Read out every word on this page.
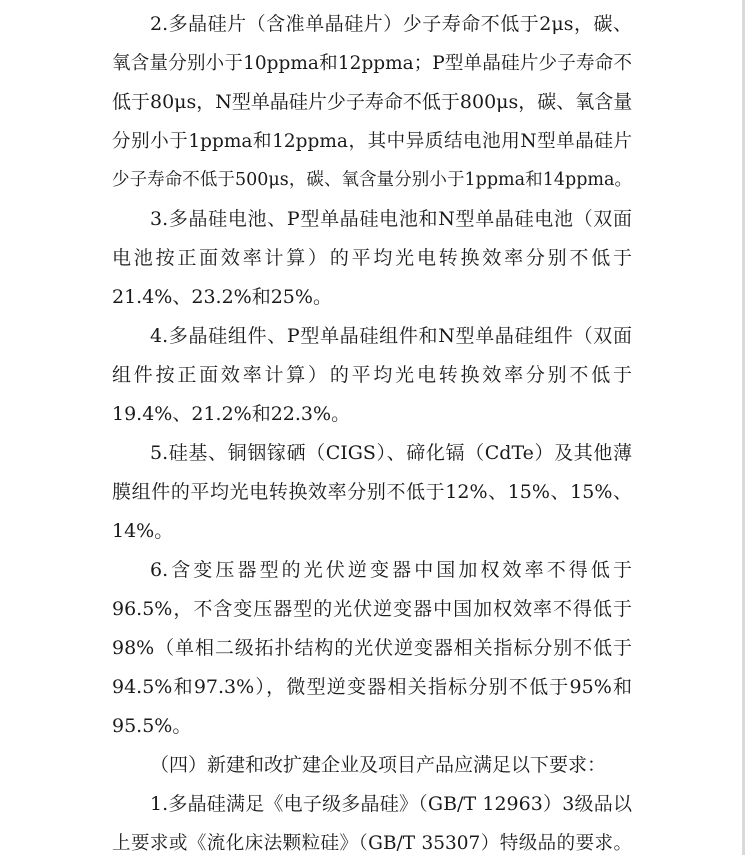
2.多晶硅片（含准单晶硅片）少子寿命不低于2μs，碳、
氧含量分别小于10ppma和12ppma；P型单晶硅片少子寿命不
低于80μs，N型单晶硅片少子寿命不低于800μs，碳、氧含量
分别小于1ppma和12ppma，其中异质结电池用N型单晶硅片
少子寿命不低于500μs，碳、氧含量分别小于1ppma和14ppma。
3.多晶硅电池、P型单晶硅电池和N型单晶硅电池（双面
电池按正面效率计算）的平均光电转换效率分别不低于
21.4%、23.2%和25%。
4.多晶硅组件、P型单晶硅组件和N型单晶硅组件（双面
组件按正面效率计算）的平均光电转换效率分别不低于
19.4%、21.2%和22.3%。
5.硅基、铜铟镓硒（CIGS）、碲化镉（CdTe）及其他薄
膜组件的平均光电转换效率分别不低于12%、15%、15%、
14%。
6.含变压器型的光伏逆变器中国加权效率不得低于
96.5%，不含变压器型的光伏逆变器中国加权效率不得低于
98%（单相二级拓扑结构的光伏逆变器相关指标分别不低于
94.5%和97.3%），微型逆变器相关指标分别不低于95%和
95.5%。
（四）新建和改扩建企业及项目产品应满足以下要求：
1.多晶硅满足《电子级多晶硅》（GB/T 12963）3级品以
上要求或《流化床法颗粒硅》（GB/T 35307）特级品的要求。
